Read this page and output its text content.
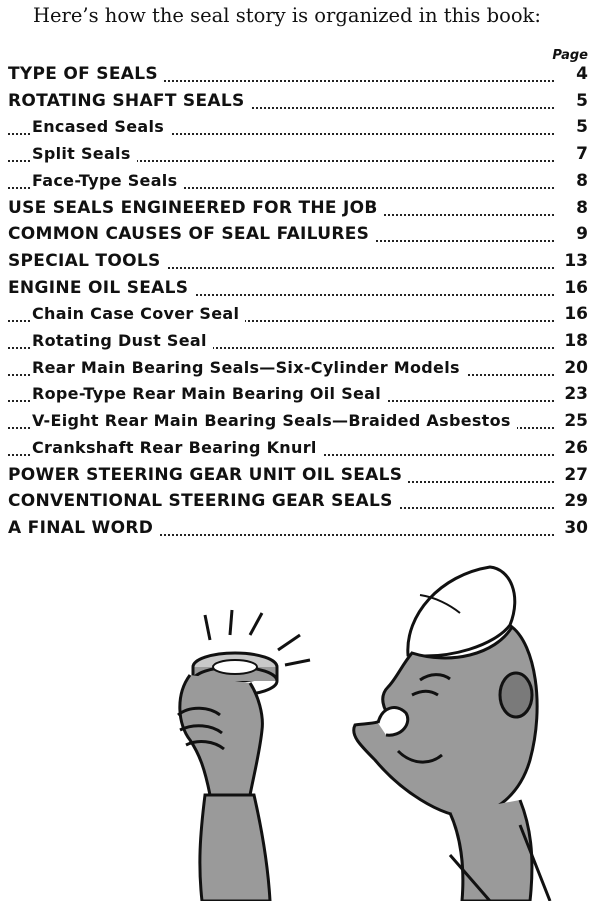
Here’s how the seal story is organized in this book:
Page
TYPE OF SEALS	4
ROTATING SHAFT SEALS	5
Encased Seals	5
Split Seals	7
Face-Type Seals	8
USE SEALS ENGINEERED FOR THE JOB	8
COMMON CAUSES OF SEAL FAILURES	9
SPECIAL TOOLS	13
ENGINE OIL SEALS	16
Chain Case Cover Seal	16
Rotating Dust Seal	18
Rear Main Bearing Seals—Six-Cylinder Models	20
Rope-Type Rear Main Bearing Oil Seal	23
V-Eight Rear Main Bearing Seals—Braided Asbestos	25
Crankshaft Rear Bearing Knurl	26
POWER STEERING GEAR UNIT OIL SEALS	27
CONVENTIONAL STEERING GEAR SEALS	29
A FINAL WORD	30
